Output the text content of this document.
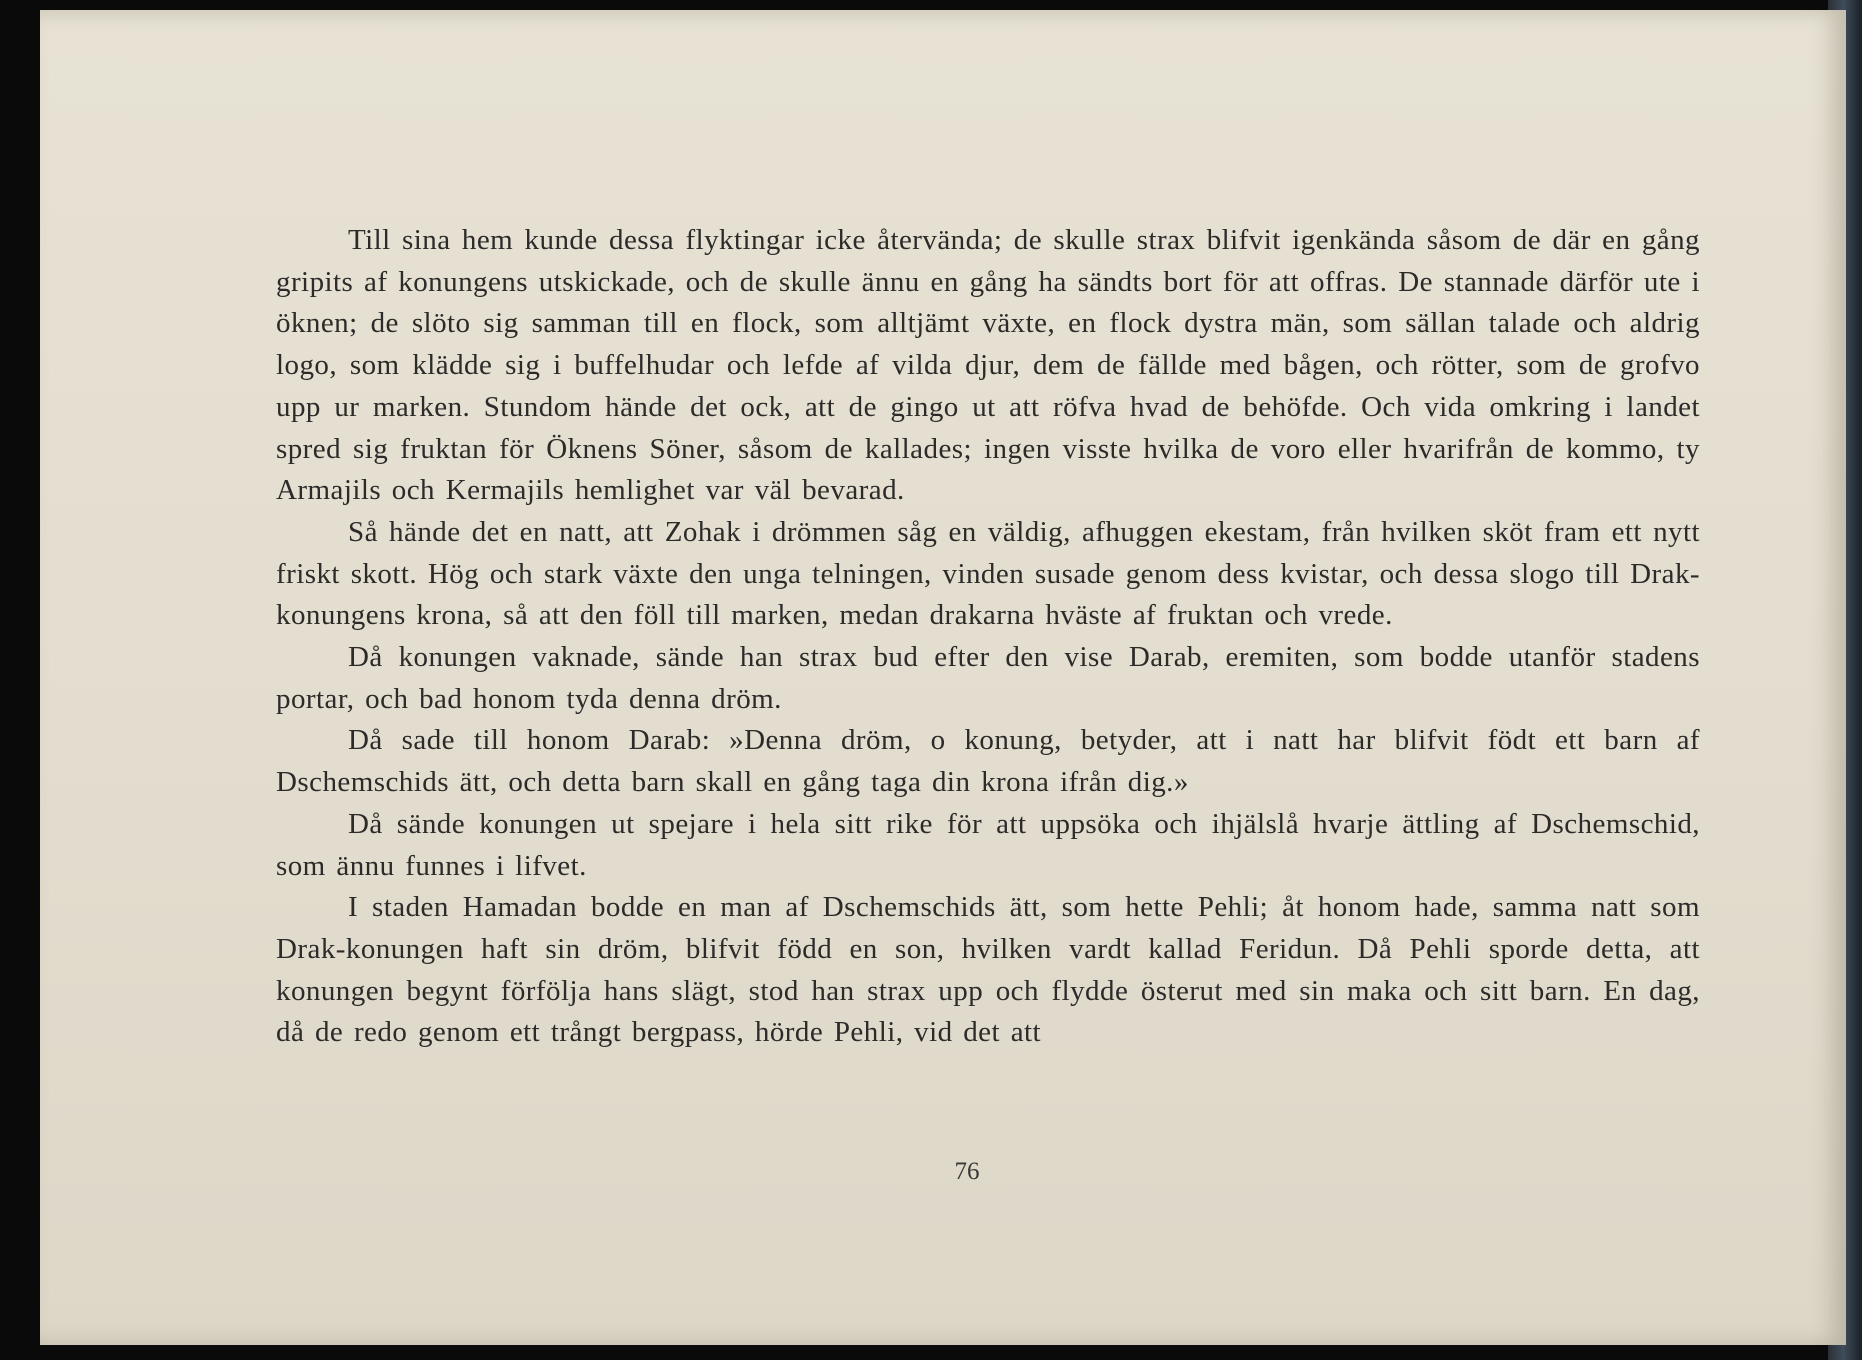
Till sina hem kunde dessa flyktingar icke återvända; de skulle strax blifvit igenkända såsom de där en gång gripits af konungens utskickade, och de skulle ännu en gång ha sändts bort för att offras. De stannade därför ute i öknen; de slöto sig samman till en flock, som alltjämt växte, en flock dystra män, som sällan talade och aldrig logo, som klädde sig i buffelhudar och lefde af vilda djur, dem de fällde med bågen, och rötter, som de grofvo upp ur marken. Stundom hände det ock, att de gingo ut att röfva hvad de behöfde. Och vida omkring i landet spred sig fruktan för Öknens Söner, såsom de kallades; ingen visste hvilka de voro eller hvarifrån de kommo, ty Armajils och Kermajils hemlighet var väl bevarad.

Så hände det en natt, att Zohak i drömmen såg en väldig, afhuggen ekestam, från hvilken sköt fram ett nytt friskt skott. Hög och stark växte den unga telningen, vinden susade genom dess kvistar, och dessa slogo till Drak-konungens krona, så att den föll till marken, medan drakarna hväste af fruktan och vrede.

Då konungen vaknade, sände han strax bud efter den vise Darab, eremiten, som bodde utanför stadens portar, och bad honom tyda denna dröm.

Då sade till honom Darab: »Denna dröm, o konung, betyder, att i natt har blifvit födt ett barn af Dschemschids ätt, och detta barn skall en gång taga din krona ifrån dig.»

Då sände konungen ut spejare i hela sitt rike för att uppsöka och ihjälslå hvarje ättling af Dschemschid, som ännu funnes i lifvet.

I staden Hamadan bodde en man af Dschemschids ätt, som hette Pehli; åt honom hade, samma natt som Drak-konungen haft sin dröm, blifvit född en son, hvilken vardt kallad Feridun. Då Pehli sporde detta, att konungen begynt förfölja hans slägt, stod han strax upp och flydde österut med sin maka och sitt barn. En dag, då de redo genom ett trångt bergpass, hörde Pehli, vid det att

76
